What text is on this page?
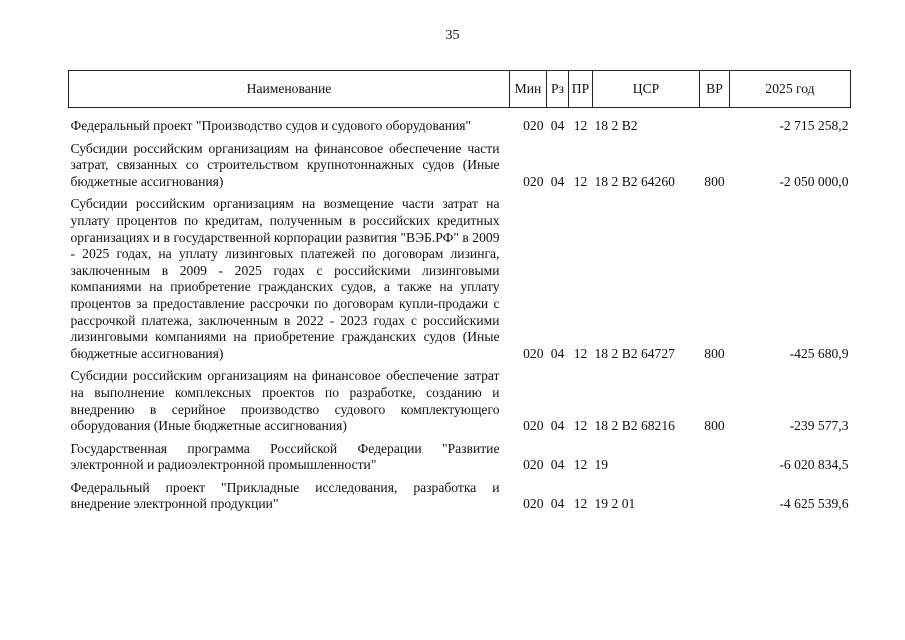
35
Наименование	Мин	Рз	ПР	ЦСР	ВР	2025 год
Федеральный проект "Производство судов и судового оборудования"	020	04	12	18 2 В2		-2 715 258,2
Субсидии российским организациям на финансовое обеспечение части затрат, связанных со строительством крупнотоннажных судов (Иные бюджетные ассигнования)	020	04	12	18 2 В2 64260	800	-2 050 000,0
Субсидии российским организациям на возмещение части затрат на уплату процентов по кредитам, полученным в российских кредитных организациях и в государственной корпорации развития "ВЭБ.РФ" в 2009 - 2025 годах, на уплату лизинговых платежей по договорам лизинга, заключенным в 2009 - 2025 годах с российскими лизинговыми компаниями на приобретение гражданских судов, а также на уплату процентов за предоставление рассрочки по договорам купли-продажи с рассрочкой платежа, заключенным в 2022 - 2023 годах с российскими лизинговыми компаниями на приобретение гражданских судов (Иные бюджетные ассигнования)	020	04	12	18 2 В2 64727	800	-425 680,9
Субсидии российским организациям на финансовое обеспечение затрат на выполнение комплексных проектов по разработке, созданию и внедрению в серийное производство судового комплектующего оборудования (Иные бюджетные ассигнования)	020	04	12	18 2 В2 68216	800	-239 577,3
Государственная программа Российской Федерации "Развитие электронной и радиоэлектронной промышленности"	020	04	12	19		-6 020 834,5
Федеральный проект "Прикладные исследования, разработка и внедрение электронной продукции"	020	04	12	19 2 01		-4 625 539,6
